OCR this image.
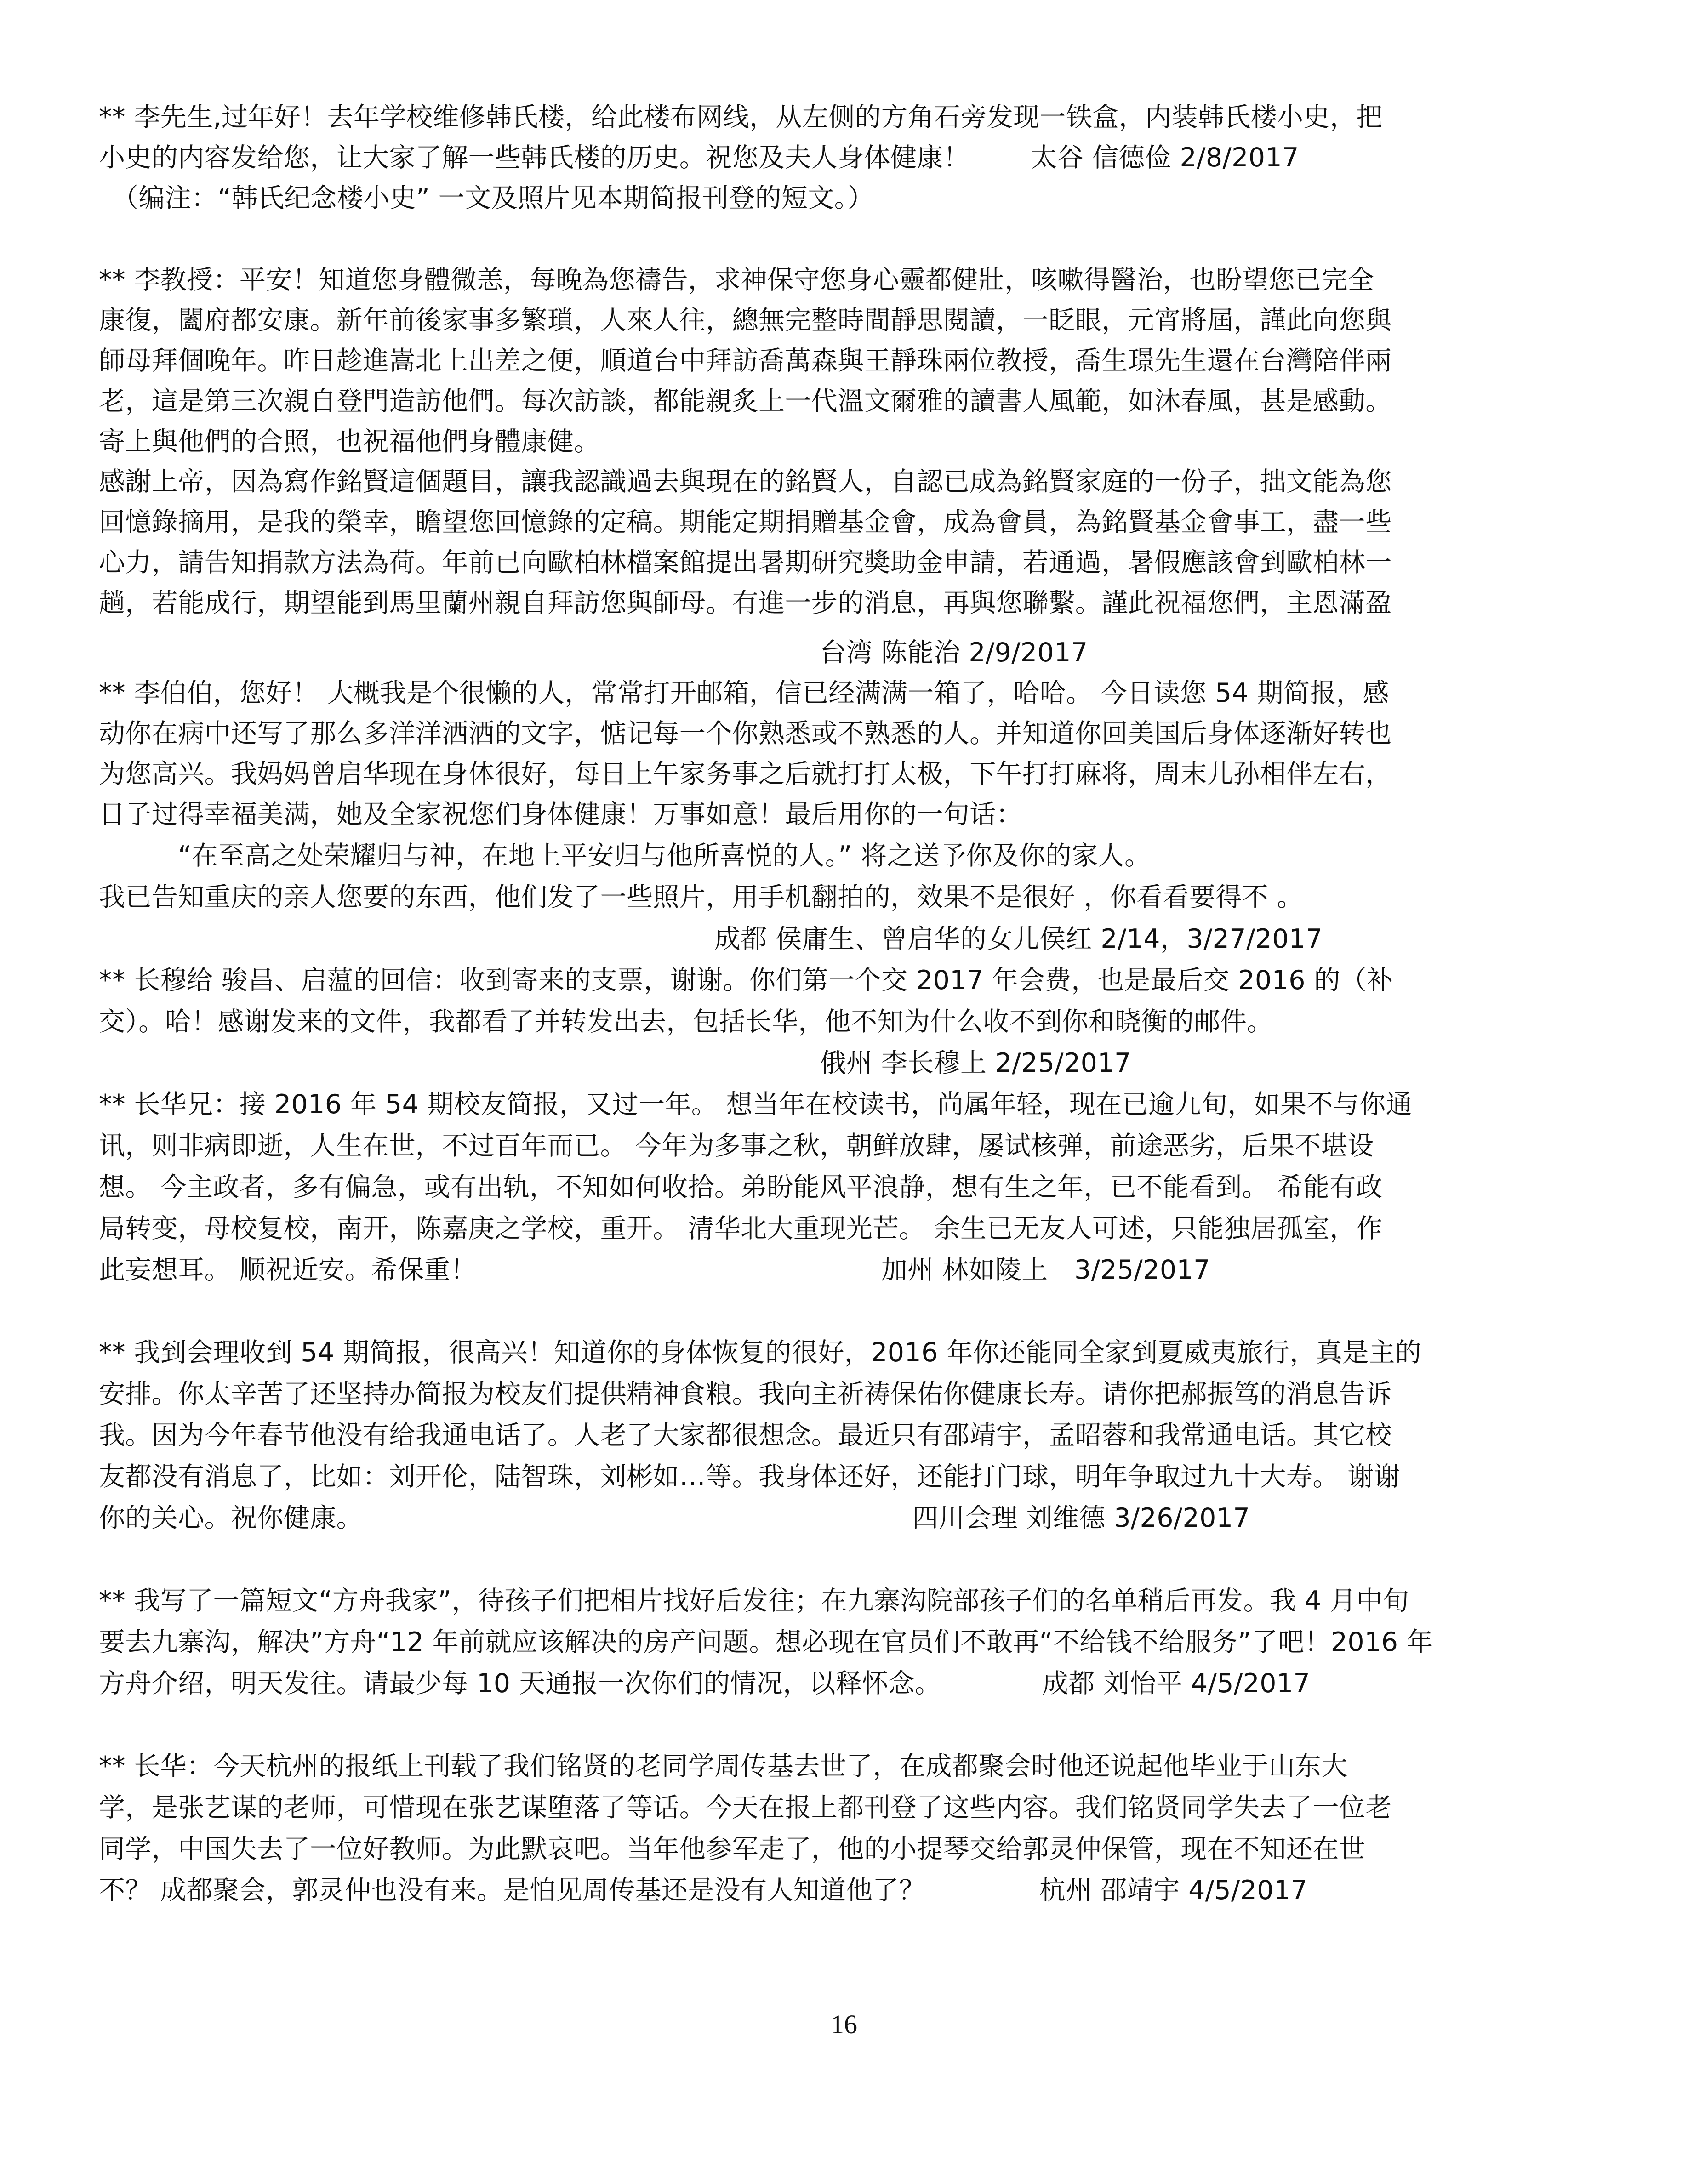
** 李先生,过年好！去年学校维修韩氏楼，给此楼布网线，从左侧的方角石旁发现一铁盒，内装韩氏楼小史，把
小史的内容发给您，让大家了解一些韩氏楼的历史。祝您及夫人身体健康！　　 太谷 信德俭 2/8/2017
　（编注：“韩氏纪念楼小史” 一文及照片见本期简报刊登的短文。）
** 李教授：平安！知道您身體微恙，每晚為您禱告，求神保守您身心靈都健壯，咳嗽得醫治，也盼望您已完全
康復，闔府都安康。新年前後家事多繁瑣，人來人往，總無完整時間靜思閱讀，一眨眼，元宵將屆，謹此向您與
師母拜個晚年。昨日趁進嵩北上出差之便，順道台中拜訪喬萬森與王靜珠兩位教授，喬生璟先生還在台灣陪伴兩
老，這是第三次親自登門造訪他們。每次訪談，都能親炙上一代溫文爾雅的讀書人風範，如沐春風，甚是感動。
寄上與他們的合照，也祝福他們身體康健。
感謝上帝，因為寫作銘賢這個題目，讓我認識過去與現在的銘賢人，自認已成為銘賢家庭的一份子，拙文能為您
回憶錄摘用，是我的榮幸，瞻望您回憶錄的定稿。期能定期捐贈基金會，成為會員，為銘賢基金會事工，盡一些
心力，請告知捐款方法為荷。年前已向歐柏林檔案館提出暑期研究獎助金申請，若通過，暑假應該會到歐柏林一
趟，若能成行，期望能到馬里蘭州親自拜訪您與師母。有進一步的消息，再與您聯繫。謹此祝福您們，主恩滿盈
　　　　　　　　　　　　　　　　　　　　　　　　　　　 台湾 陈能治 2/9/2017
** 李伯伯，您好！ 大概我是个很懒的人，常常打开邮箱，信已经满满一箱了，哈哈。 今日读您 54 期简报，感
动你在病中还写了那么多洋洋洒洒的文字，惦记每一个你熟悉或不熟悉的人。并知道你回美国后身体逐渐好转也
为您高兴。我妈妈曾启华现在身体很好，每日上午家务事之后就打打太极，下午打打麻将，周末儿孙相伴左右，
日子过得幸福美满，她及全家祝您们身体健康！万事如意！最后用你的一句话：
　　　“在至高之处荣耀归与神，在地上平安归与他所喜悦的人。” 将之送予你及你的家人。
我已告知重庆的亲人您要的东西，他们发了一些照片，用手机翻拍的，效果不是很好 ，你看看要得不 。
　　　　　　　　　　　　　　　　　　　　　　　 成都 侯庸生、曾启华的女儿侯红 2/14，3/27/2017
** 长穆给 骏昌、启蕰的回信：收到寄来的支票，谢谢。你们第一个交 2017 年会费，也是最后交 2016 的（补
交）。哈！感谢发来的文件，我都看了并转发出去，包括长华，他不知为什么收不到你和晓衡的邮件。
　　　　　　　　　　　　　　　　　　　　　　　　　　　 俄州 李长穆上 2/25/2017
** 长华兄：接 2016 年 54 期校友简报，又过一年。 想当年在校读书，尚属年轻，现在已逾九旬，如果不与你通
讯，则非病即逝，人生在世，不过百年而已。 今年为多事之秋，朝鲜放肆，屡试核弹，前途恶劣，后果不堪设
想。 今主政者，多有偏急，或有出轨，不知如何收拾。弟盼能风平浪静，想有生之年，已不能看到。 希能有政
局转变，母校复校，南开，陈嘉庚之学校，重开。 清华北大重现光芒。 余生已无友人可述，只能独居孤室，作
此妄想耳。 顺祝近安。希保重！　　　　　　　　　　　　　　　 加州 林如陵上　3/25/2017
** 我到会理收到 54 期简报，很高兴！知道你的身体恢复的很好，2016 年你还能同全家到夏威夷旅行，真是主的
安排。你太辛苦了还坚持办简报为校友们提供精神食粮。我向主祈祷保佑你健康长寿。请你把郝振笃的消息告诉
我。因为今年春节他没有给我通电话了。人老了大家都很想念。最近只有邵靖宇，孟昭蓉和我常通电话。其它校
友都没有消息了，比如：刘开伦，陆智珠，刘彬如…等。我身体还好，还能打门球，明年争取过九十大寿。 谢谢
你的关心。祝你健康。　　　　　　　　　　　　　　　　　　　　　 四川会理 刘维德 3/26/2017
** 我写了一篇短文“方舟我家”，待孩子们把相片找好后发往；在九寨沟院部孩子们的名单稍后再发。我 4 月中旬
要去九寨沟，解决”方舟“12 年前就应该解决的房产问题。想必现在官员们不敢再“不给钱不给服务”了吧！2016 年
方舟介绍，明天发往。请最少每 10 天通报一次你们的情况，以释怀念。　　　　 成都 刘怡平 4/5/2017
** 长华：今天杭州的报纸上刊载了我们铭贤的老同学周传基去世了，在成都聚会时他还说起他毕业于山东大
学，是张艺谋的老师，可惜现在张艺谋堕落了等话。今天在报上都刊登了这些内容。我们铭贤同学失去了一位老
同学，中国失去了一位好教师。为此默哀吧。当年他参军走了，他的小提琴交给郭灵仲保管，现在不知还在世
不？ 成都聚会，郭灵仲也没有来。是怕见周传基还是没有人知道他了？　　　　 杭州 邵靖宇 4/5/2017
16
